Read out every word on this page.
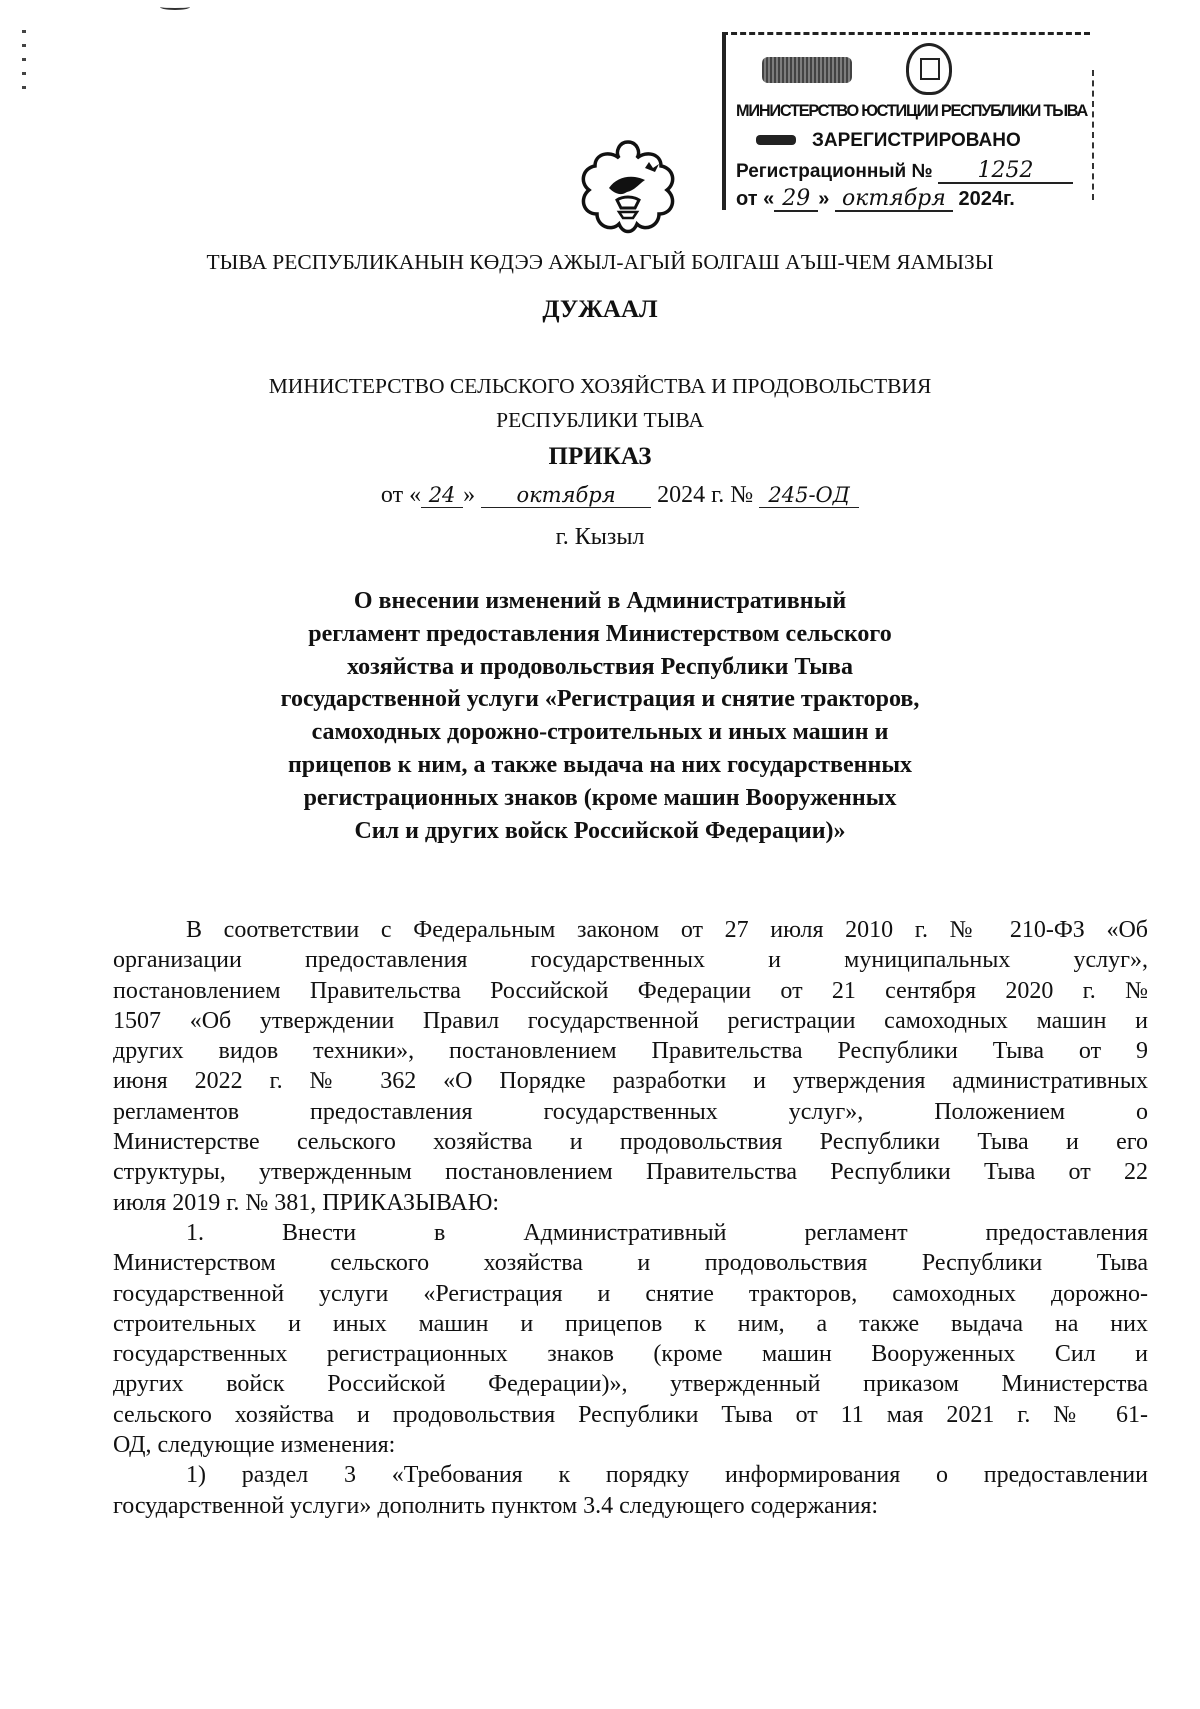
МИНИСТЕРСТВО ЮСТИЦИИ РЕСПУБЛИКИ ТЫВА
ЗАРЕГИСТРИРОВАНО
Регистрационный № 1252
от « 29 » октября 2024г.
ТЫВА РЕСПУБЛИКАНЫН КӨДЭЭ АЖЫЛ-АГЫЙ БОЛГАШ АЪШ-ЧЕМ ЯАМЫЗЫ
ДУЖААЛ
МИНИСТЕРСТВО СЕЛЬСКОГО ХОЗЯЙСТВА И ПРОДОВОЛЬСТВИЯ
РЕСПУБЛИКИ ТЫВА
ПРИКАЗ
от « 24 » октября 2024 г. № 245-ОД
г. Кызыл
О внесении изменений в Административный
регламент предоставления Министерством сельского
хозяйства и продовольствия Республики Тыва
государственной услуги «Регистрация и снятие тракторов,
самоходных дорожно-строительных и иных машин и
прицепов к ним, а также выдача на них государственных
регистрационных знаков (кроме машин Вооруженных
Сил и других войск Российской Федерации)»
В соответствии с Федеральным законом от 27 июля 2010 г. № 210-ФЗ «Об
организации предоставления государственных и муниципальных услуг»,
постановлением Правительства Российской Федерации от 21 сентября 2020 г. №
1507 «Об утверждении Правил государственной регистрации самоходных машин и
других видов техники», постановлением Правительства Республики Тыва от 9
июня 2022 г. № 362 «О Порядке разработки и утверждения административных
регламентов предоставления государственных услуг», Положением о
Министерстве сельского хозяйства и продовольствия Республики Тыва и его
структуры, утвержденным постановлением Правительства Республики Тыва от 22
июля 2019 г. № 381, ПРИКАЗЫВАЮ:
1. Внести в Административный регламент предоставления
Министерством сельского хозяйства и продовольствия Республики Тыва
государственной услуги «Регистрация и снятие тракторов, самоходных дорожно-
строительных и иных машин и прицепов к ним, а также выдача на них
государственных регистрационных знаков (кроме машин Вооруженных Сил и
других войск Российской Федерации)», утвержденный приказом Министерства
сельского хозяйства и продовольствия Республики Тыва от 11 мая 2021 г. № 61-
ОД, следующие изменения:
1) раздел 3 «Требования к порядку информирования о предоставлении
государственной услуги» дополнить пунктом 3.4 следующего содержания:
